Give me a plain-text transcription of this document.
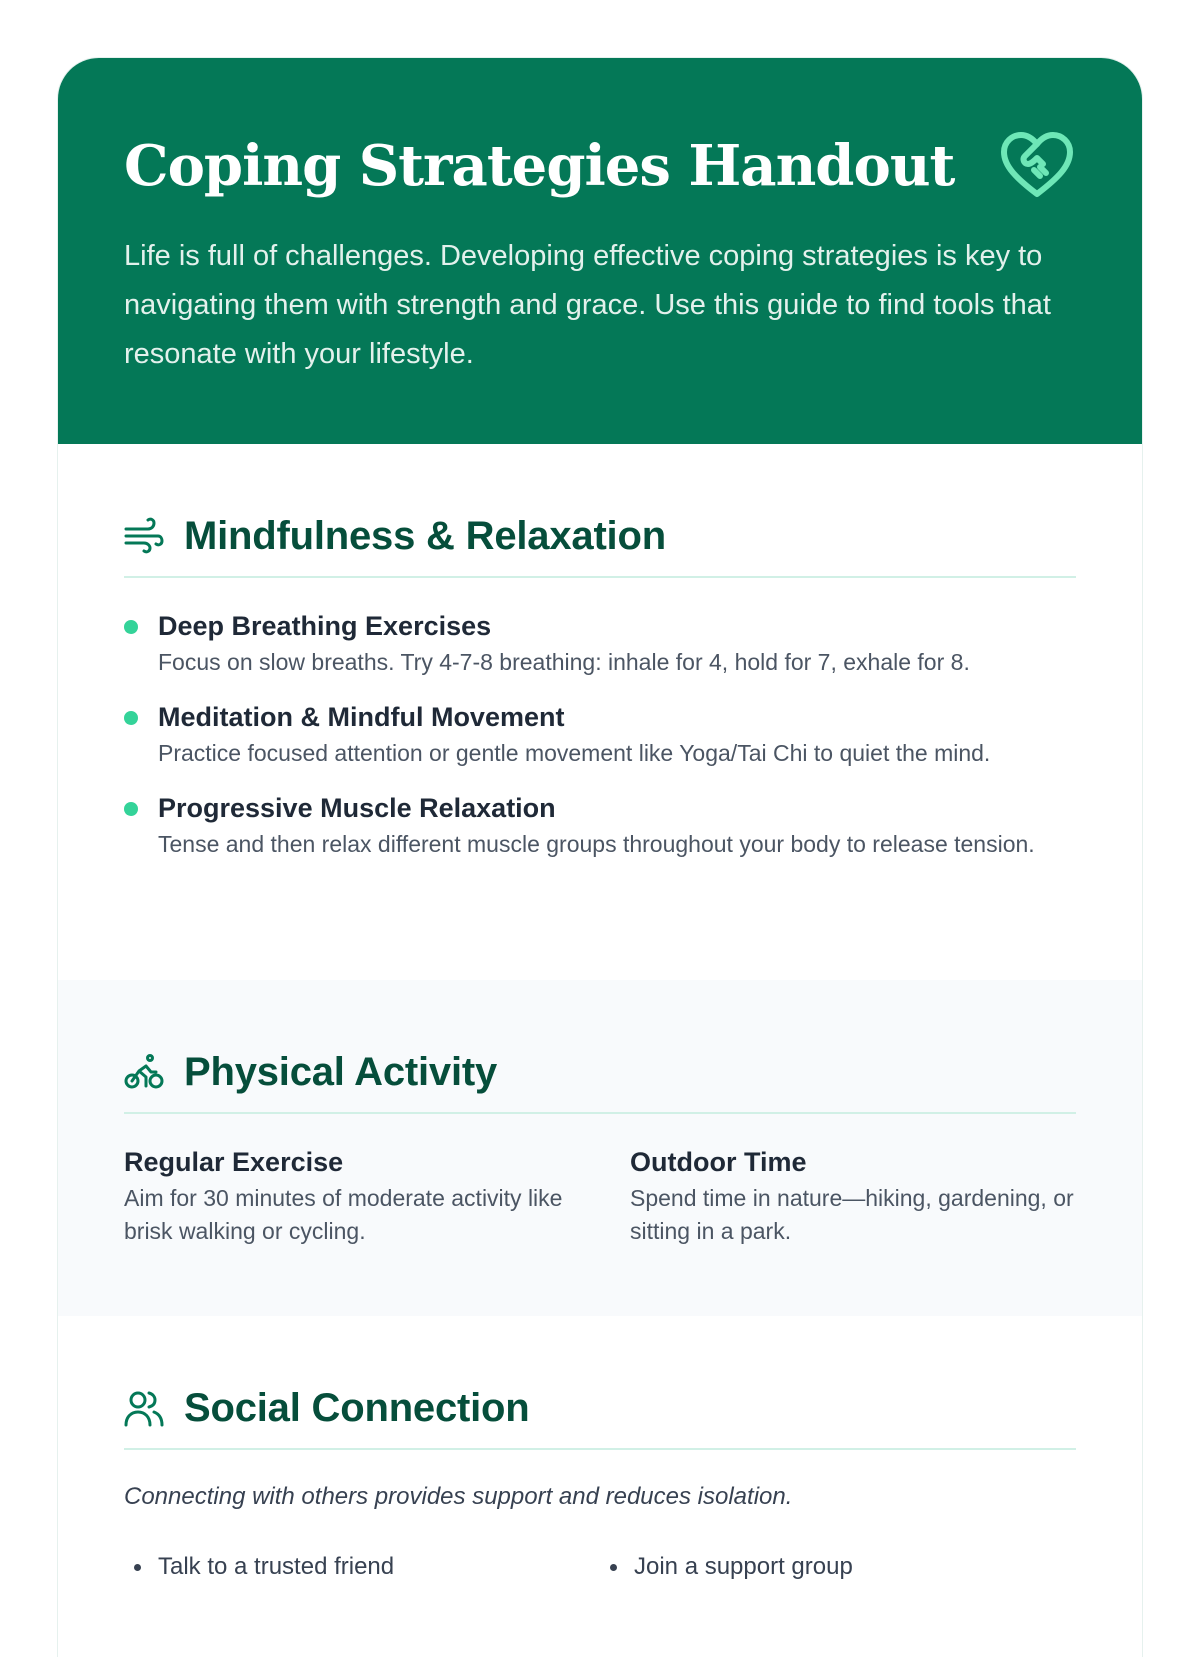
Coping Strategies Handout

Life is full of challenges. Developing effective coping strategies is key to navigating them with strength and grace. Use this guide to find tools that resonate with your lifestyle.

Mindfulness & Relaxation
Deep Breathing Exercises
Focus on slow breaths. Try 4-7-8 breathing: inhale for 4, hold for 7, exhale for 8.
Meditation & Mindful Movement
Practice focused attention or gentle movement like Yoga/Tai Chi to quiet the mind.
Progressive Muscle Relaxation
Tense and then relax different muscle groups throughout your body to release tension.
Physical Activity
Regular Exercise
Aim for 30 minutes of moderate activity like brisk walking or cycling.
Outdoor Time
Spend time in nature—hiking, gardening, or sitting in a park.
Social Connection

Connecting with others provides support and reduces isolation.

Talk to a trusted friend	Join a support group
